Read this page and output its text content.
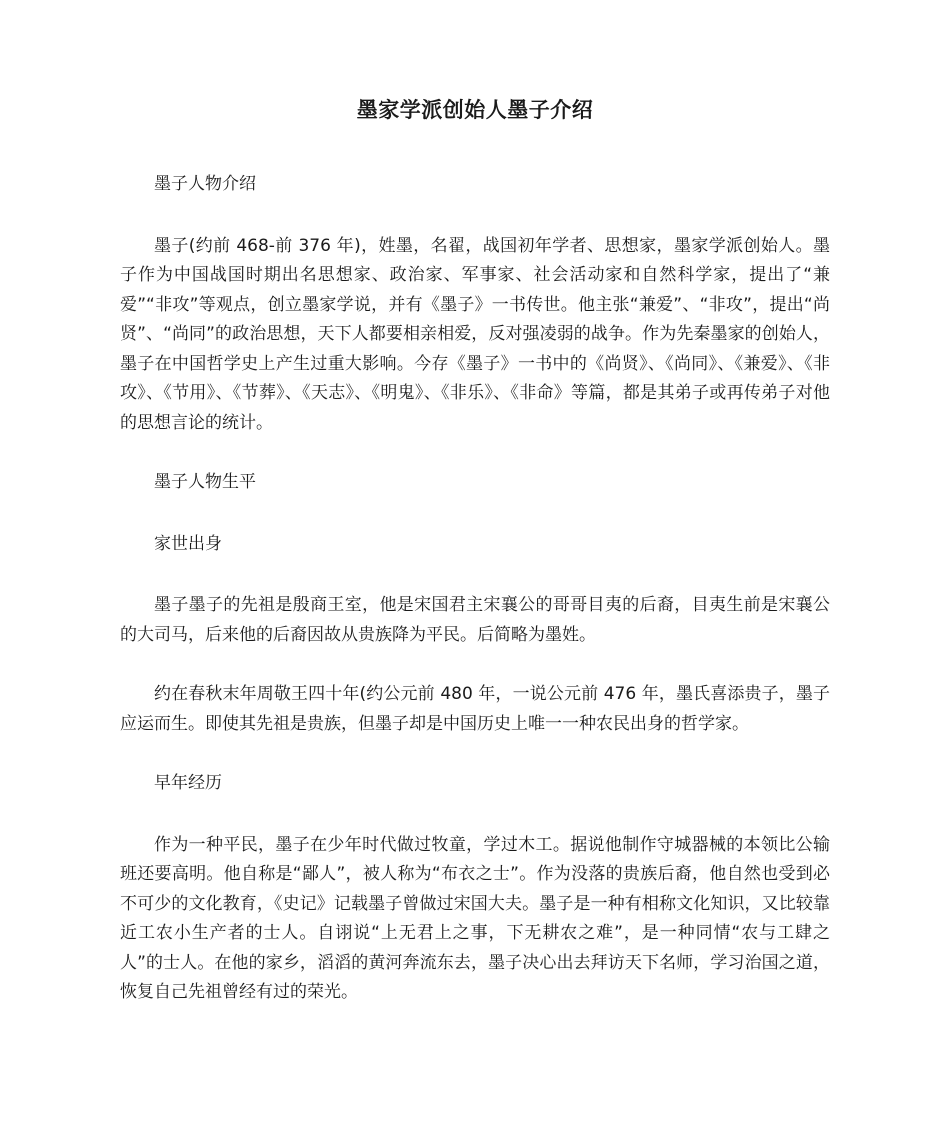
墨家学派创始人墨子介绍
墨子人物介绍

墨子(约前 468-前 376 年)，姓墨，名翟，战国初年学者、思想家，墨家学派创始人。墨子作为中国战国时期出名思想家、政治家、军事家、社会活动家和自然科学家，提出了“兼爱”“非攻”等观点，创立墨家学说，并有《墨子》一书传世。他主张“兼爱”、“非攻”，提出“尚贤”、“尚同”的政治思想，天下人都要相亲相爱，反对强凌弱的战争。作为先秦墨家的创始人，墨子在中国哲学史上产生过重大影响。今存《墨子》一书中的《尚贤》、《尚同》、《兼爱》、《非攻》、《节用》、《节葬》、《天志》、《明鬼》、《非乐》、《非命》等篇，都是其弟子或再传弟子对他的思想言论的统计。

墨子人物生平
家世出身

墨子墨子的先祖是殷商王室，他是宋国君主宋襄公的哥哥目夷的后裔，目夷生前是宋襄公的大司马，后来他的后裔因故从贵族降为平民。后简略为墨姓。

约在春秋末年周敬王四十年(约公元前 480 年，一说公元前 476 年，墨氏喜添贵子，墨子应运而生。即使其先祖是贵族，但墨子却是中国历史上唯一一种农民出身的哲学家。

早年经历

作为一种平民，墨子在少年时代做过牧童，学过木工。据说他制作守城器械的本领比公输班还要高明。他自称是“鄙人”，被人称为“布衣之士”。作为没落的贵族后裔，他自然也受到必不可少的文化教育，《史记》记载墨子曾做过宋国大夫。墨子是一种有相称文化知识，又比较靠近工农小生产者的士人。自诩说“上无君上之事，下无耕农之难”，是一种同情“农与工肆之人”的士人。在他的家乡，滔滔的黄河奔流东去，墨子决心出去拜访天下名师，学习治国之道，恢复自己先祖曾经有过的荣光。
